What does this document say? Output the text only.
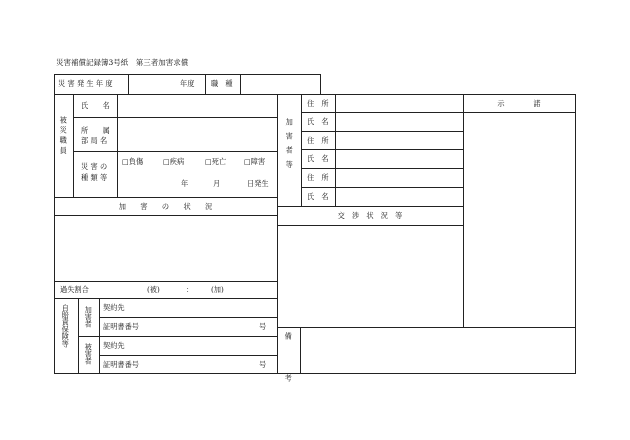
災害補償記録簿3号紙　第三者加害求償
災 害 発 生 年 度	年度 職　種
被災職員
氏　　名
所　　属
部 局 名
災 害 の
種 類 等
□負傷	□疾病	□死亡 □障害
年	月	日発生
加　　害　　の　　状　　況
過失割合	(被)	： (加)
自賠責保険等 加害者
被害者
契約先
証明書番号	号
契約先
証明書番号	号
加害者等
住　所
氏　名
住　所
氏　名
住　所
氏　名
示　　　　諾
交　渉　状　況　等
備　考
